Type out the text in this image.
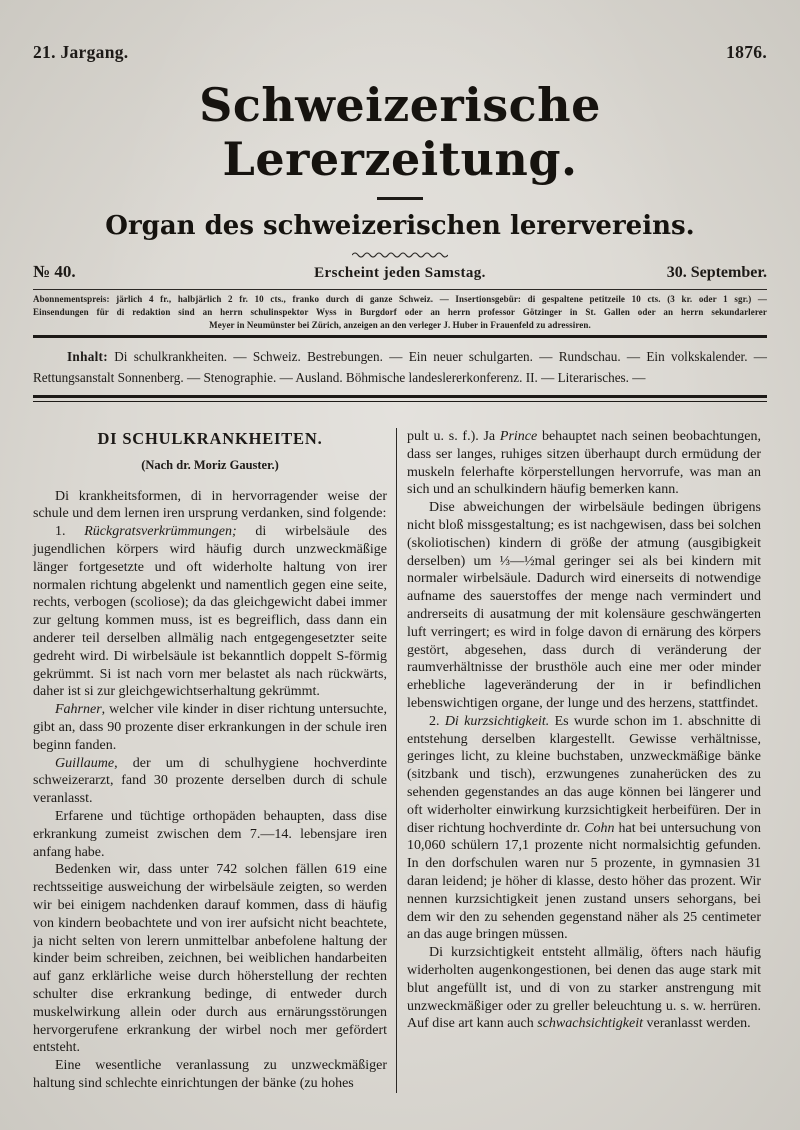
21. Jargang.	1876.
Schweizerische Lererzeitung.
Organ des schweizerischen lerervereins.
№ 40.	Erscheint jeden Samstag.	30. September.
Abonnementspreis: järlich 4 fr., halbjärlich 2 fr. 10 cts., franko durch di ganze Schweiz. — Insertionsgebür: di gespaltene petitzeile 10 cts. (3 kr. oder 1 sgr.) —
Einsendungen für di redaktion sind an herrn schulinspektor Wyss in Burgdorf oder an herrn professor Götzinger in St. Gallen oder an herrn sekundarlerer
Meyer in Neumünster bei Zürich, anzeigen an den verleger J. Huber in Frauenfeld zu adressiren.
Inhalt: Di schulkrankheiten. — Schweiz. Bestrebungen. — Ein neuer schulgarten. — Rundschau. — Ein volkskalender. — Rettungsanstalt Sonnenberg. — Stenographie. — Ausland. Böhmische landeslererkonferenz. II. — Literarisches. —
DI SCHULKRANKHEITEN.
(Nach dr. Moriz Gauster.)

Di krankheitsformen, di in hervorragender weise der schule und dem lernen iren ursprung verdanken, sind folgende:

1. Rückgratsverkrümmungen; di wirbelsäule des jugendlichen körpers wird häufig durch unzweckmäßige länger fortgesetzte und oft widerholte haltung von irer normalen richtung abgelenkt und namentlich gegen eine seite, rechts, verbogen (scoliose); da das gleichgewicht dabei immer zur geltung kommen muss, ist es begreiflich, dass dann ein anderer teil derselben allmälig nach entgegengesetzter seite gedreht wird. Di wirbelsäule ist bekanntlich doppelt S-förmig gekrümmt. Si ist nach vorn mer belastet als nach rückwärts, daher ist si zur gleichgewichtserhaltung gekrümmt.

Fahrner, welcher vile kinder in diser richtung untersuchte, gibt an, dass 90 prozente diser erkrankungen in der schule iren beginn fanden.

Guillaume, der um di schulhygiene hochverdinte schweizerarzt, fand 30 prozente derselben durch di schule veranlasst.

Erfarene und tüchtige orthopäden behaupten, dass dise erkrankung zumeist zwischen dem 7.—14. lebensjare iren anfang habe.

Bedenken wir, dass unter 742 solchen fällen 619 eine rechtsseitige ausweichung der wirbelsäule zeigten, so werden wir bei einigem nachdenken darauf kommen, dass di häufig von kindern beobachtete und von irer aufsicht nicht beachtete, ja nicht selten von lerern unmittelbar anbefolene haltung der kinder beim schreiben, zeichnen, bei weiblichen handarbeiten auf ganz erklärliche weise durch höherstellung der rechten schulter dise erkrankung bedinge, di entweder durch muskelwirkung allein oder durch aus ernärungsstörungen hervorgerufene erkrankung der wirbel noch mer gefördert entsteht.

Eine wesentliche veranlassung zu unzweckmäßiger haltung sind schlechte einrichtungen der bänke (zu hohes

pult u. s. f.). Ja Prince behauptet nach seinen beobachtungen, dass ser langes, ruhiges sitzen überhaupt durch ermüdung der muskeln felerhafte körperstellungen hervorrufe, was man an sich und an schulkindern häufig bemerken kann.

Dise abweichungen der wirbelsäule bedingen übrigens nicht bloß missgestaltung; es ist nachgewisen, dass bei solchen (skoliotischen) kindern di größe der atmung (ausgibigkeit derselben) um ⅓—½mal geringer sei als bei kindern mit normaler wirbelsäule. Dadurch wird einerseits di notwendige aufname des sauerstoffes der menge nach vermindert und andrerseits di ausatmung der mit kolensäure geschwängerten luft verringert; es wird in folge davon di ernärung des körpers gestört, abgesehen, dass durch di veränderung der raumverhältnisse der brusthöle auch eine mer oder minder erhebliche lageveränderung der in ir befindlichen lebenswichtigen organe, der lunge und des herzens, stattfindet.

2. Di kurzsichtigkeit. Es wurde schon im 1. abschnitte di entstehung derselben klargestellt. Gewisse verhältnisse, geringes licht, zu kleine buchstaben, unzweckmäßige bänke (sitzbank und tisch), erzwungenes zunaherücken des zu sehenden gegenstandes an das auge können bei längerer und oft widerholter einwirkung kurzsichtigkeit herbeifüren. Der in diser richtung hochverdinte dr. Cohn hat bei untersuchung von 10,060 schülern 17,1 prozente nicht normalsichtig gefunden. In den dorfschulen waren nur 5 prozente, in gymnasien 31 daran leidend; je höher di klasse, desto höher das prozent. Wir nennen kurzsichtigkeit jenen zustand unsers sehorgans, bei dem wir den zu sehenden gegenstand näher als 25 centimeter an das auge bringen müssen.

Di kurzsichtigkeit entsteht allmälig, öfters nach häufig widerholten augenkongestionen, bei denen das auge stark mit blut angefüllt ist, und di von zu starker anstrengung mit unzweckmäßiger oder zu greller beleuchtung u. s. w. herrüren. Auf dise art kann auch schwachsichtigkeit veranlasst werden.
